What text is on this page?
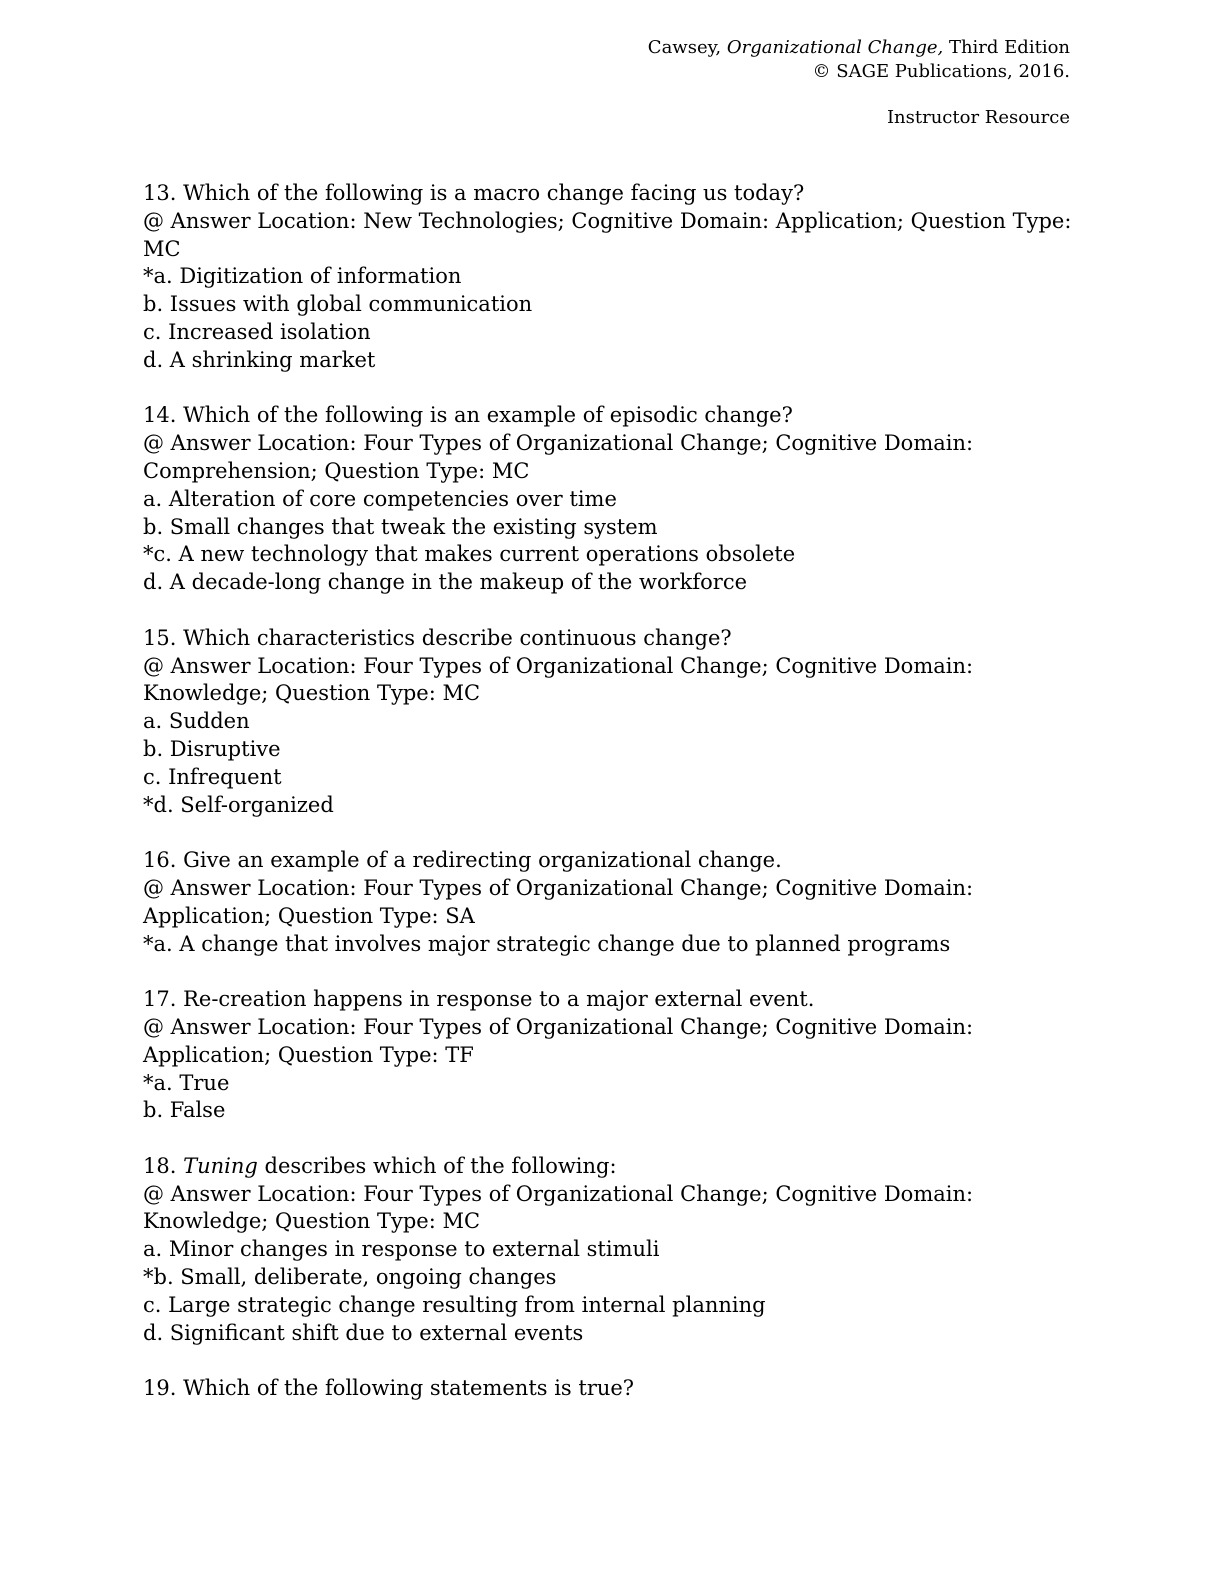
Cawsey, Organizational Change, Third Edition
© SAGE Publications, 2016.
Instructor Resource
13. Which of the following is a macro change facing us today?
@ Answer Location: New Technologies; Cognitive Domain: Application; Question Type: MC
*a. Digitization of information
b. Issues with global communication
c. Increased isolation
d. A shrinking market
14. Which of the following is an example of episodic change?
@ Answer Location: Four Types of Organizational Change; Cognitive Domain: Comprehension; Question Type: MC
a. Alteration of core competencies over time
b. Small changes that tweak the existing system
*c. A new technology that makes current operations obsolete
d. A decade-long change in the makeup of the workforce
15. Which characteristics describe continuous change?
@ Answer Location: Four Types of Organizational Change; Cognitive Domain: Knowledge; Question Type: MC
a. Sudden
b. Disruptive
c. Infrequent
*d. Self-organized
16. Give an example of a redirecting organizational change.
@ Answer Location: Four Types of Organizational Change; Cognitive Domain: Application; Question Type: SA
*a. A change that involves major strategic change due to planned programs
17. Re-creation happens in response to a major external event.
@ Answer Location: Four Types of Organizational Change; Cognitive Domain: Application; Question Type: TF
*a. True
b. False
18. Tuning describes which of the following:
@ Answer Location: Four Types of Organizational Change; Cognitive Domain: Knowledge; Question Type: MC
a. Minor changes in response to external stimuli
*b. Small, deliberate, ongoing changes
c. Large strategic change resulting from internal planning
d. Significant shift due to external events
19. Which of the following statements is true?
